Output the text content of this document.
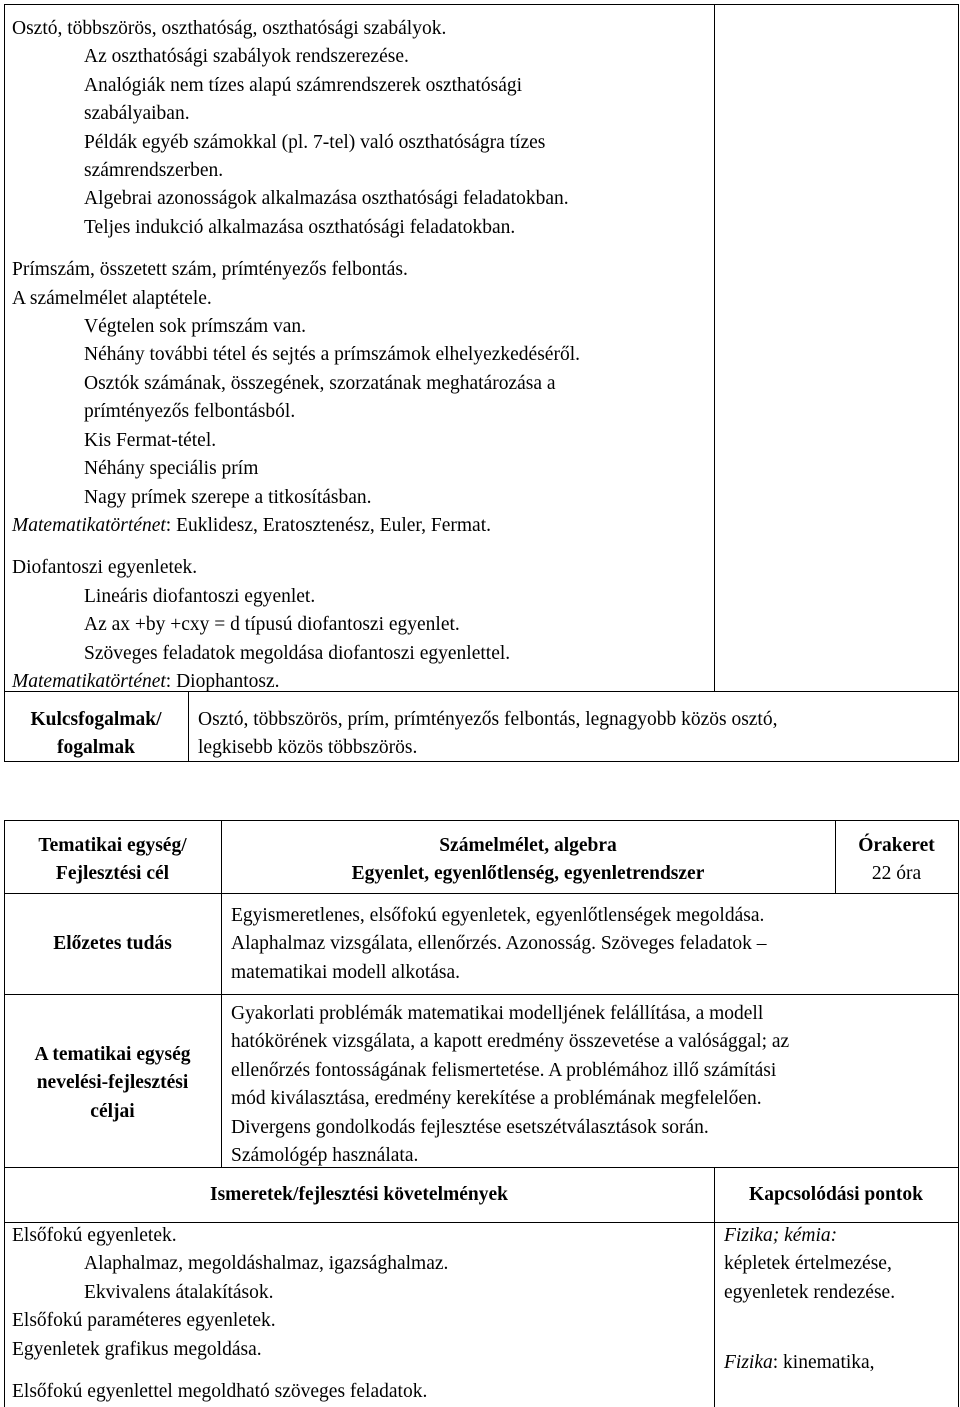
Osztó, többszörös, oszthatóság, oszthatósági szabályok.
Az oszthatósági szabályok rendszerezése.
Analógiák nem tízes alapú számrendszerek oszthatósági
szabályaiban.
Példák egyéb számokkal (pl. 7-tel) való oszthatóságra tízes
számrendszerben.
Algebrai azonosságok alkalmazása oszthatósági feladatokban.
Teljes indukció alkalmazása oszthatósági feladatokban.
Prímszám, összetett szám, prímtényezős felbontás.
A számelmélet alaptétele.
Végtelen sok prímszám van.
Néhány további tétel és sejtés a prímszámok elhelyezkedéséről.
Osztók számának, összegének, szorzatának meghatározása a
prímtényezős felbontásból.
Kis Fermat-tétel.
Néhány speciális prím
Nagy prímek szerepe a titkosításban.
Matematikatörténet: Euklidesz, Eratosztenész, Euler, Fermat.
Diofantoszi egyenletek.
Lineáris diofantoszi egyenlet.
Az ax +by +cxy = d típusú diofantoszi egyenlet.
Szöveges feladatok megoldása diofantoszi egyenlettel.
Matematikatörténet: Diophantosz.
Kulcsfogalmak/
fogalmak
Osztó, többszörös, prím, prímtényezős felbontás, legnagyobb közös osztó,
legkisebb közös többszörös.
Tematikai egység/
Fejlesztési cél
Számelmélet, algebra
Egyenlet, egyenlőtlenség, egyenletrendszer
Órakeret
22 óra
Előzetes tudás
Egyismeretlenes, elsőfokú egyenletek, egyenlőtlenségek megoldása.
Alaphalmaz vizsgálata, ellenőrzés. Azonosság. Szöveges feladatok –
matematikai modell alkotása.
A tematikai egység
nevelési-fejlesztési
céljai
Gyakorlati problémák matematikai modelljének felállítása, a modell
hatókörének vizsgálata, a kapott eredmény összevetése a valósággal; az
ellenőrzés fontosságának felismertetése. A problémához illő számítási
mód kiválasztása, eredmény kerekítése a problémának megfelelően.
Divergens gondolkodás fejlesztése esetszétválasztások során.
Számológép használata.
Ismeretek/fejlesztési követelmények	Kapcsolódási pontok
Elsőfokú egyenletek.
Alaphalmaz, megoldáshalmaz, igazsághalmaz.
Ekvivalens átalakítások.
Elsőfokú paraméteres egyenletek.
Egyenletek grafikus megoldása.
Elsőfokú egyenlettel megoldható szöveges feladatok.
Fizika; kémia:
képletek értelmezése,
egyenletek rendezése.
Fizika: kinematika,
